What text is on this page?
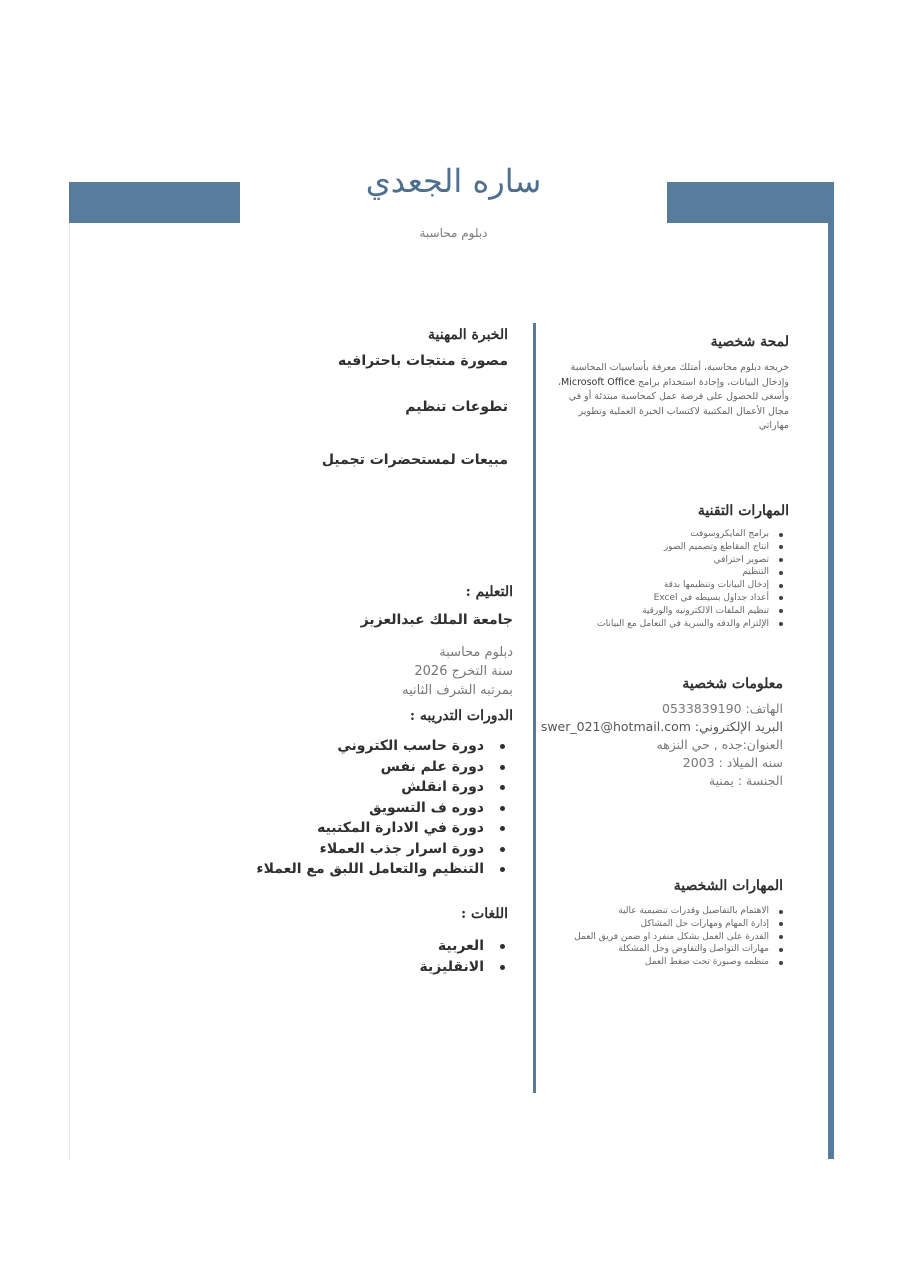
ساره الجعدي
دبلوم محاسبة
لمحة شخصية
خريجة دبلوم محاسبة، أمتلك معرفة بأساسيات المحاسبة وإدخال البيانات، وإجادة استخدام برامج Microsoft Office، وأسعى للحصول على فرصة عمل كمحاسبة مبتدئة أو في مجال الأعمال المكتبية لاكتساب الخبرة العملية وتطوير مهاراتي
المهارات التقنية
برامج المايكروسوفت
انتاج المقاطع وتصميم الصور
تصوير احترافي
التنظيم
إدخال البيانات وتنظيمها بدقة
أعداد جداول بسيطه في Excel
تنظيم الملفات الالكترونيه والورقية
الإلتزام والدقه والسرية في التعامل مع البيانات
معلومات شخصية
الهاتف: 0533839190
البريد الإلكتروني: swer_021@hotmail.com
العنوان:جده , حي النزهه
سنه الميلاد : 2003
الجنسة : يمنية
المهارات الشخصية
الاهتمام بالتفاصيل وقدرات تنضيمية عالية
إدارة المهام ومهارات حل المشاكل
القدرة على العمل بشكل منفرد او ضمن فريق العمل
مهارات التواصل والتفاوض وحل المشكلة
منظمه وصبورة تحت ضغط العمل
الخبرة المهنية
مصورة منتجات باحترافيه
تطوعات تنظيم
مبيعات لمستحضرات تجميل
التعليم :
جامعة الملك عبدالعزيز
دبلوم محاسبة
سنة التخرج 2026
بمرتبه الشرف الثانيه
الدورات التدريبه :
دورة حاسب الكتروني
دورة علم نفس
دورة انقلش
دوره ف التسويق
دورة في الادارة المكتبيه
دورة اسرار جذب العملاء
التنظيم والتعامل اللبق مع العملاء
اللغات :
العربية
الانقليزية
